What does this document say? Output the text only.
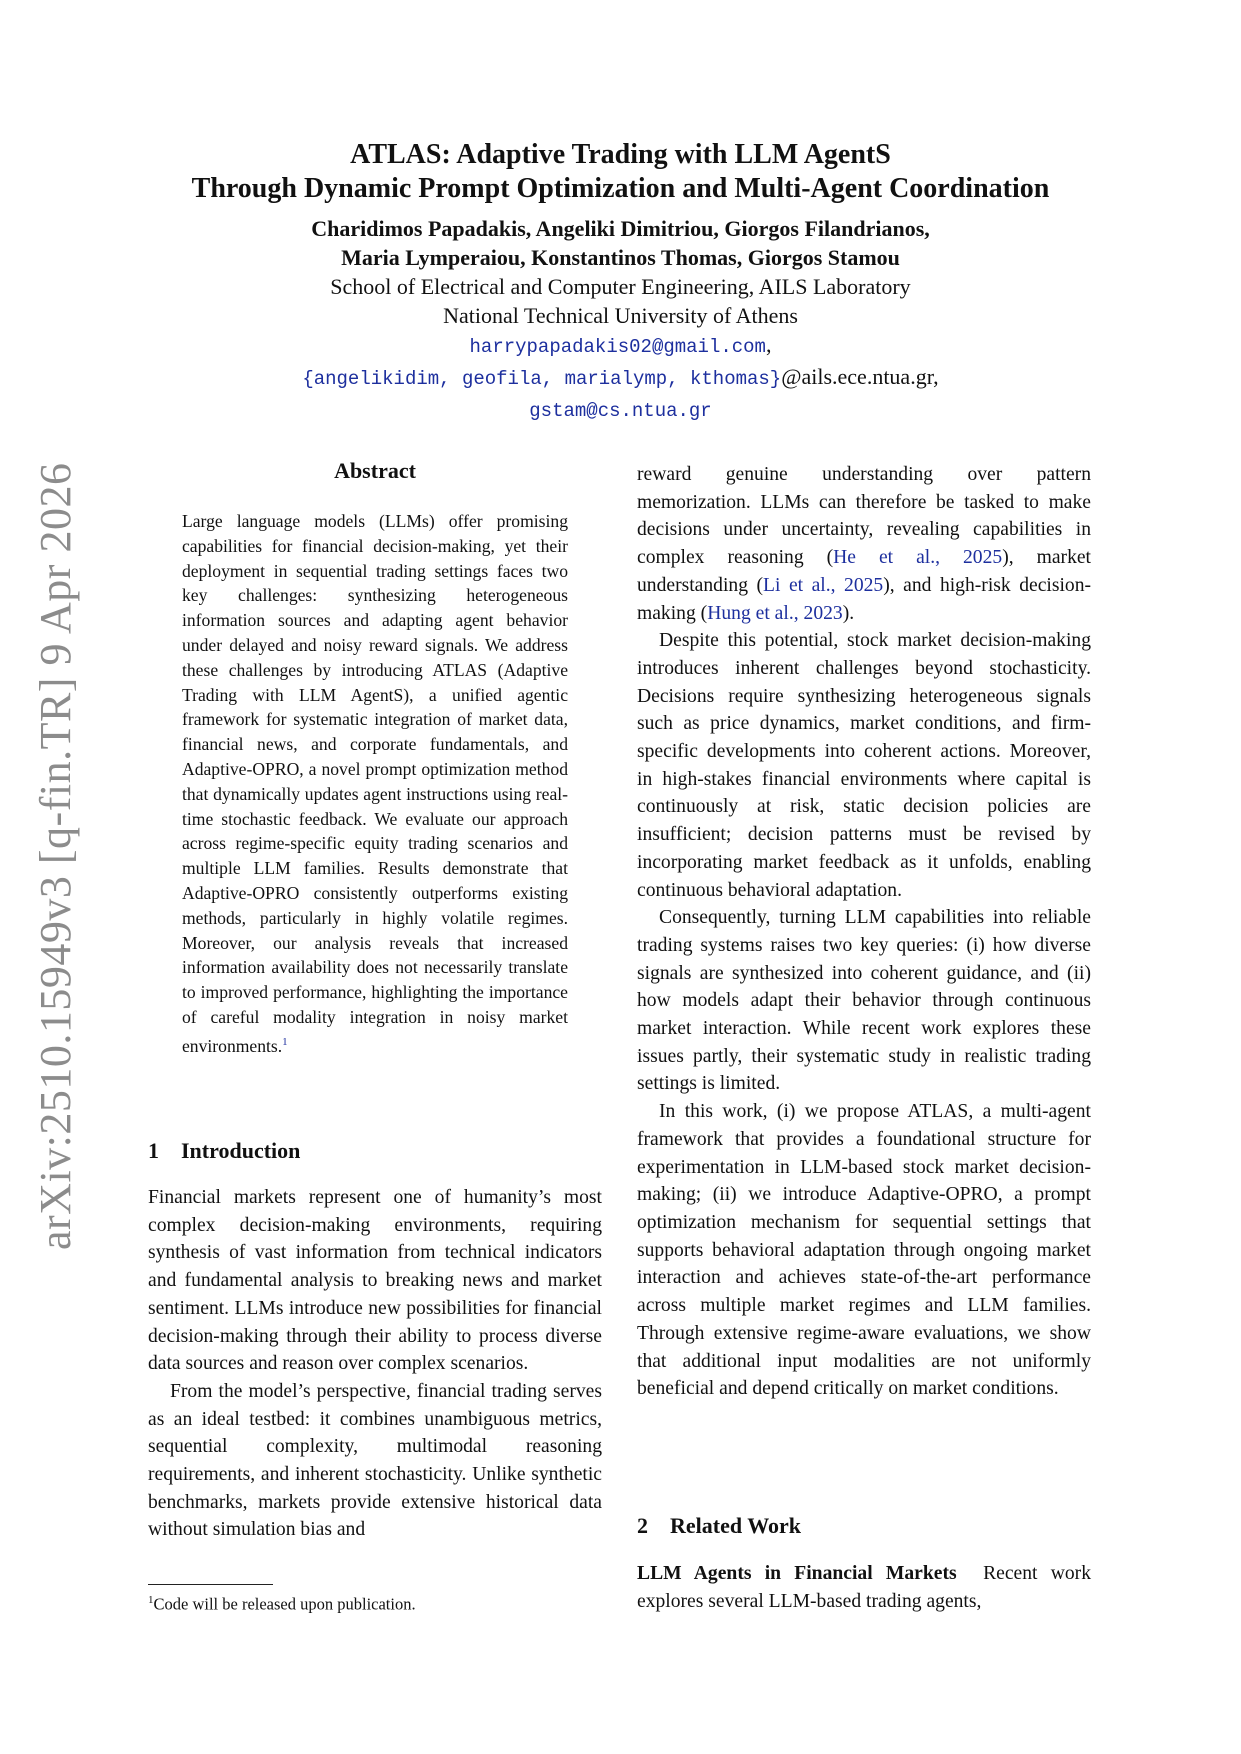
arXiv:2510.15949v3 [q-fin.TR] 9 Apr 2026
ATLAS: Adaptive Trading with LLM AgentS
Through Dynamic Prompt Optimization and Multi-Agent Coordination
Charidimos Papadakis, Angeliki Dimitriou, Giorgos Filandrianos,
Maria Lymperaiou, Konstantinos Thomas, Giorgos Stamou
School of Electrical and Computer Engineering, AILS Laboratory
National Technical University of Athens
harrypapadakis02@gmail.com,
{angelikidim, geofila, marialymp, kthomas}@ails.ece.ntua.gr,
gstam@cs.ntua.gr
Abstract
Large language models (LLMs) offer promising capabilities for financial decision-making, yet their deployment in sequential trading settings faces two key challenges: synthesizing heterogeneous information sources and adapting agent behavior under delayed and noisy reward signals. We address these challenges by introducing ATLAS (Adaptive Trading with LLM AgentS), a unified agentic framework for systematic integration of market data, financial news, and corporate fundamentals, and Adaptive-OPRO, a novel prompt optimization method that dynamically updates agent instructions using real-time stochastic feedback. We evaluate our approach across regime-specific equity trading scenarios and multiple LLM families. Results demonstrate that Adaptive-OPRO consistently outperforms existing methods, particularly in highly volatile regimes. Moreover, our analysis reveals that increased information availability does not necessarily translate to improved performance, highlighting the importance of careful modality integration in noisy market environments.$^1$
1 Introduction

Financial markets represent one of humanity’s most complex decision-making environments, requiring synthesis of vast information from technical indicators and fundamental analysis to breaking news and market sentiment. LLMs introduce new possibilities for financial decision-making through their ability to process diverse data sources and reason over complex scenarios.

From the model’s perspective, financial trading serves as an ideal testbed: it combines unambiguous metrics, sequential complexity, multimodal reasoning requirements, and inherent stochasticity. Unlike synthetic benchmarks, markets provide extensive historical data without simulation bias and

$^1$Code will be released upon publication.

reward genuine understanding over pattern memorization. LLMs can therefore be tasked to make decisions under uncertainty, revealing capabilities in complex reasoning (He et al., 2025), market understanding (Li et al., 2025), and high-risk decision-making (Hung et al., 2023).

Despite this potential, stock market decision-making introduces inherent challenges beyond stochasticity. Decisions require synthesizing heterogeneous signals such as price dynamics, market conditions, and firm-specific developments into coherent actions. Moreover, in high-stakes financial environments where capital is continuously at risk, static decision policies are insufficient; decision patterns must be revised by incorporating market feedback as it unfolds, enabling continuous behavioral adaptation.

Consequently, turning LLM capabilities into reliable trading systems raises two key queries: (i) how diverse signals are synthesized into coherent guidance, and (ii) how models adapt their behavior through continuous market interaction. While recent work explores these issues partly, their systematic study in realistic trading settings is limited.

In this work, (i) we propose ATLAS, a multi-agent framework that provides a foundational structure for experimentation in LLM-based stock market decision-making; (ii) we introduce Adaptive-OPRO, a prompt optimization mechanism for sequential settings that supports behavioral adaptation through ongoing market interaction and achieves state-of-the-art performance across multiple market regimes and LLM families. Through extensive regime-aware evaluations, we show that additional input modalities are not uniformly beneficial and depend critically on market conditions.

2 Related Work

LLM Agents in Financial Markets Recent work explores several LLM-based trading agents,
